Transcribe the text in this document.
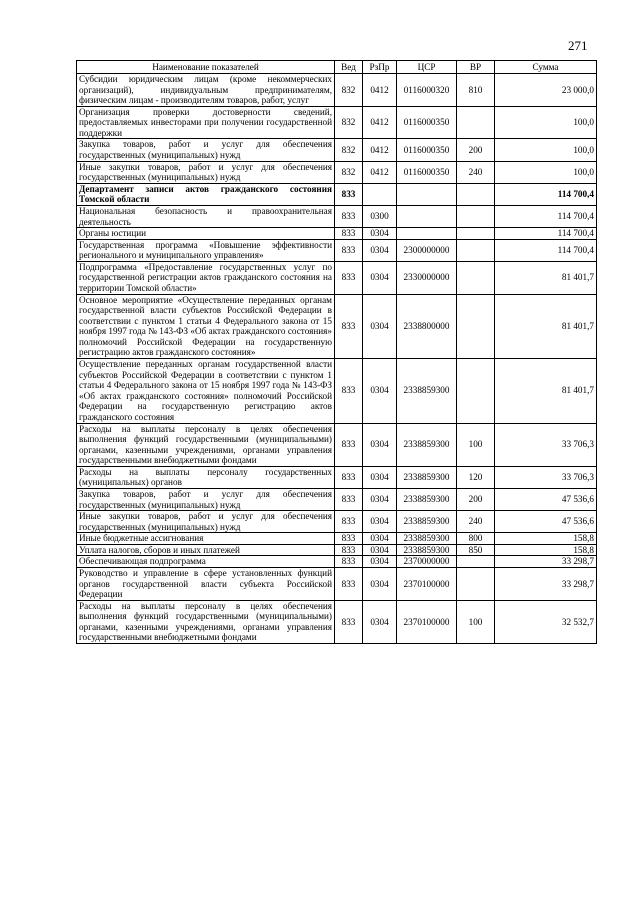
271
Наименование показателей	Вед	РзПр	ЦСР	ВР	Сумма
Субсидии юридическим лицам (кроме некоммерческих организаций), индивидуальным предпринимателям, физическим лицам - производителям товаров, работ, услуг	832	0412	0116000320	810	23 000,0
Организация проверки достоверности сведений, предоставляемых инвесторами при получении государственной поддержки	832	0412	0116000350		100,0
Закупка товаров, работ и услуг для обеспечения государственных (муниципальных) нужд	832	0412	0116000350	200	100,0
Иные закупки товаров, работ и услуг для обеспечения государственных (муниципальных) нужд	832	0412	0116000350	240	100,0
Департамент записи актов гражданского состояния Томской области	833				114 700,4
Национальная безопасность и правоохранительная деятельность	833	0300			114 700,4
Органы юстиции	833	0304			114 700,4
Государственная программа «Повышение эффективности регионального и муниципального управления»	833	0304	2300000000		114 700,4
Подпрограмма «Предоставление государственных услуг по государственной регистрации актов гражданского состояния на территории Томской области»	833	0304	2330000000		81 401,7
Основное мероприятие «Осуществление переданных органам государственной власти субъектов Российской Федерации в соответствии с пунктом 1 статьи 4 Федерального закона от 15 ноября 1997 года № 143-ФЗ «Об актах гражданского состояния» полномочий Российской Федерации на государственную регистрацию актов гражданского состояния»	833	0304	2338800000		81 401,7
Осуществление переданных органам государственной власти субъектов Российской Федерации в соответствии с пунктом 1 статьи 4 Федерального закона от 15 ноября 1997 года № 143-ФЗ «Об актах гражданского состояния» полномочий Российской Федерации на государственную регистрацию актов гражданского состояния	833	0304	2338859300		81 401,7
Расходы на выплаты персоналу в целях обеспечения выполнения функций государственными (муниципальными) органами, казенными учреждениями, органами управления государственными внебюджетными фондами	833	0304	2338859300	100	33 706,3
Расходы на выплаты персоналу государственных (муниципальных) органов	833	0304	2338859300	120	33 706,3
Закупка товаров, работ и услуг для обеспечения государственных (муниципальных) нужд	833	0304	2338859300	200	47 536,6
Иные закупки товаров, работ и услуг для обеспечения государственных (муниципальных) нужд	833	0304	2338859300	240	47 536,6
Иные бюджетные ассигнования	833	0304	2338859300	800	158,8
Уплата налогов, сборов и иных платежей	833	0304	2338859300	850	158,8
Обеспечивающая подпрограмма	833	0304	2370000000		33 298,7
Руководство и управление в сфере установленных функций органов государственной власти субъекта Российской Федерации	833	0304	2370100000		33 298,7
Расходы на выплаты персоналу в целях обеспечения выполнения функций государственными (муниципальными) органами, казенными учреждениями, органами управления государственными внебюджетными фондами	833	0304	2370100000	100	32 532,7
